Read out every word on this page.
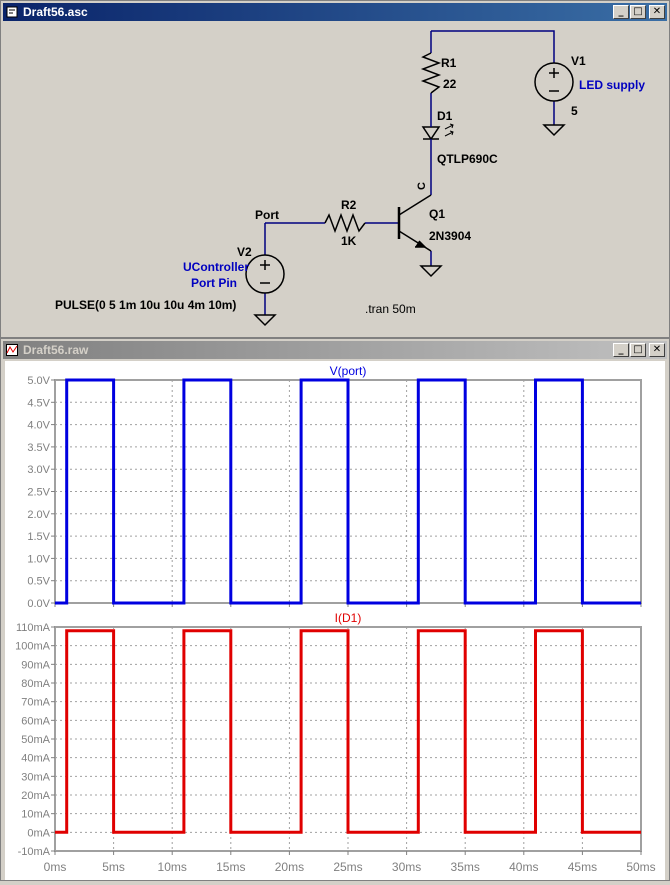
Draft56.asc	_ □	✕
R1
22
D1
QTLP690C
C
Q1
2N3904
R2
1K
V1
5
V2
Port
PULSE(0 5 1m 10u 10u 4m 10m)	.tran 50m
LED supply
UController
Port Pin
Draft56.raw	_ □	✕
5.0V
4.5V
4.0V
3.5V
3.0V
2.5V
2.0V
1.5V
1.0V
0.5V
0.0V
V(port)
110mA
100mA
90mA
80mA
70mA
60mA
50mA
40mA
30mA
20mA
10mA
0mA
-10mA
I(D1)
0ms	5ms	10ms 15ms 20ms 25ms 30ms 35ms 40ms 45ms 50ms
